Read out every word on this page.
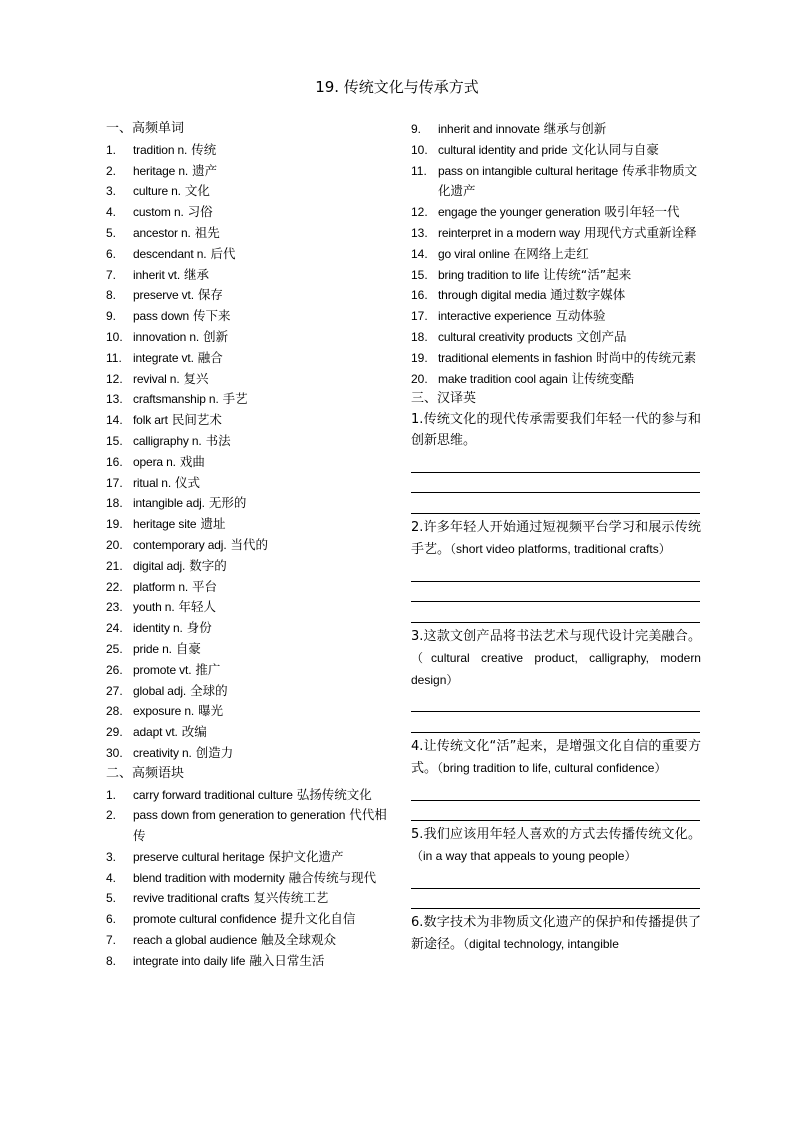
19. 传统文化与传承方式
一、高频单词
1. tradition n. 传统
2. heritage n. 遗产
3. culture n. 文化
4. custom n. 习俗
5. ancestor n. 祖先
6. descendant n. 后代
7. inherit vt. 继承
8. preserve vt. 保存
9. pass down 传下来
10. innovation n. 创新
11. integrate vt. 融合
12. revival n. 复兴
13. craftsmanship n. 手艺
14. folk art 民间艺术
15. calligraphy n. 书法
16. opera n. 戏曲
17. ritual n. 仪式
18. intangible adj. 无形的
19. heritage site 遗址
20. contemporary adj. 当代的
21. digital adj. 数字的
22. platform n. 平台
23. youth n. 年轻人
24. identity n. 身份
25. pride n. 自豪
26. promote vt. 推广
27. global adj. 全球的
28. exposure n. 曝光
29. adapt vt. 改编
30. creativity n. 创造力
二、高频语块
1. carry forward traditional culture 弘扬传统文化
2. pass down from generation to generation 代代相传
3. preserve cultural heritage 保护文化遗产
4. blend tradition with modernity 融合传统与现代
5. revive traditional crafts 复兴传统工艺
6. promote cultural confidence 提升文化自信
7. reach a global audience 触及全球观众
8. integrate into daily life 融入日常生活
9. inherit and innovate 继承与创新
10. cultural identity and pride 文化认同与自豪
11. pass on intangible cultural heritage 传承非物质文化遗产
12. engage the younger generation 吸引年轻一代
13. reinterpret in a modern way 用现代方式重新诠释
14. go viral online 在网络上走红
15. bring tradition to life 让传统“活”起来
16. through digital media 通过数字媒体
17. interactive experience 互动体验
18. cultural creativity products 文创产品
19. traditional elements in fashion 时尚中的传统元素
20. make tradition cool again 让传统变酷
三、汉译英
1.传统文化的现代传承需要我们年轻一代的参与和创新思维。
2.许多年轻人开始通过短视频平台学习和展示传统手艺。（short video platforms, traditional crafts）
3.这款文创产品将书法艺术与现代设计完美融合。（cultural creative product, calligraphy, modern design）
4.让传统文化“活”起来，是增强文化自信的重要方式。（bring tradition to life, cultural confidence）
5.我们应该用年轻人喜欢的方式去传播传统文化。（in a way that appeals to young people）
6.数字技术为非物质文化遗产的保护和传播提供了新途径。（digital technology, intangible
